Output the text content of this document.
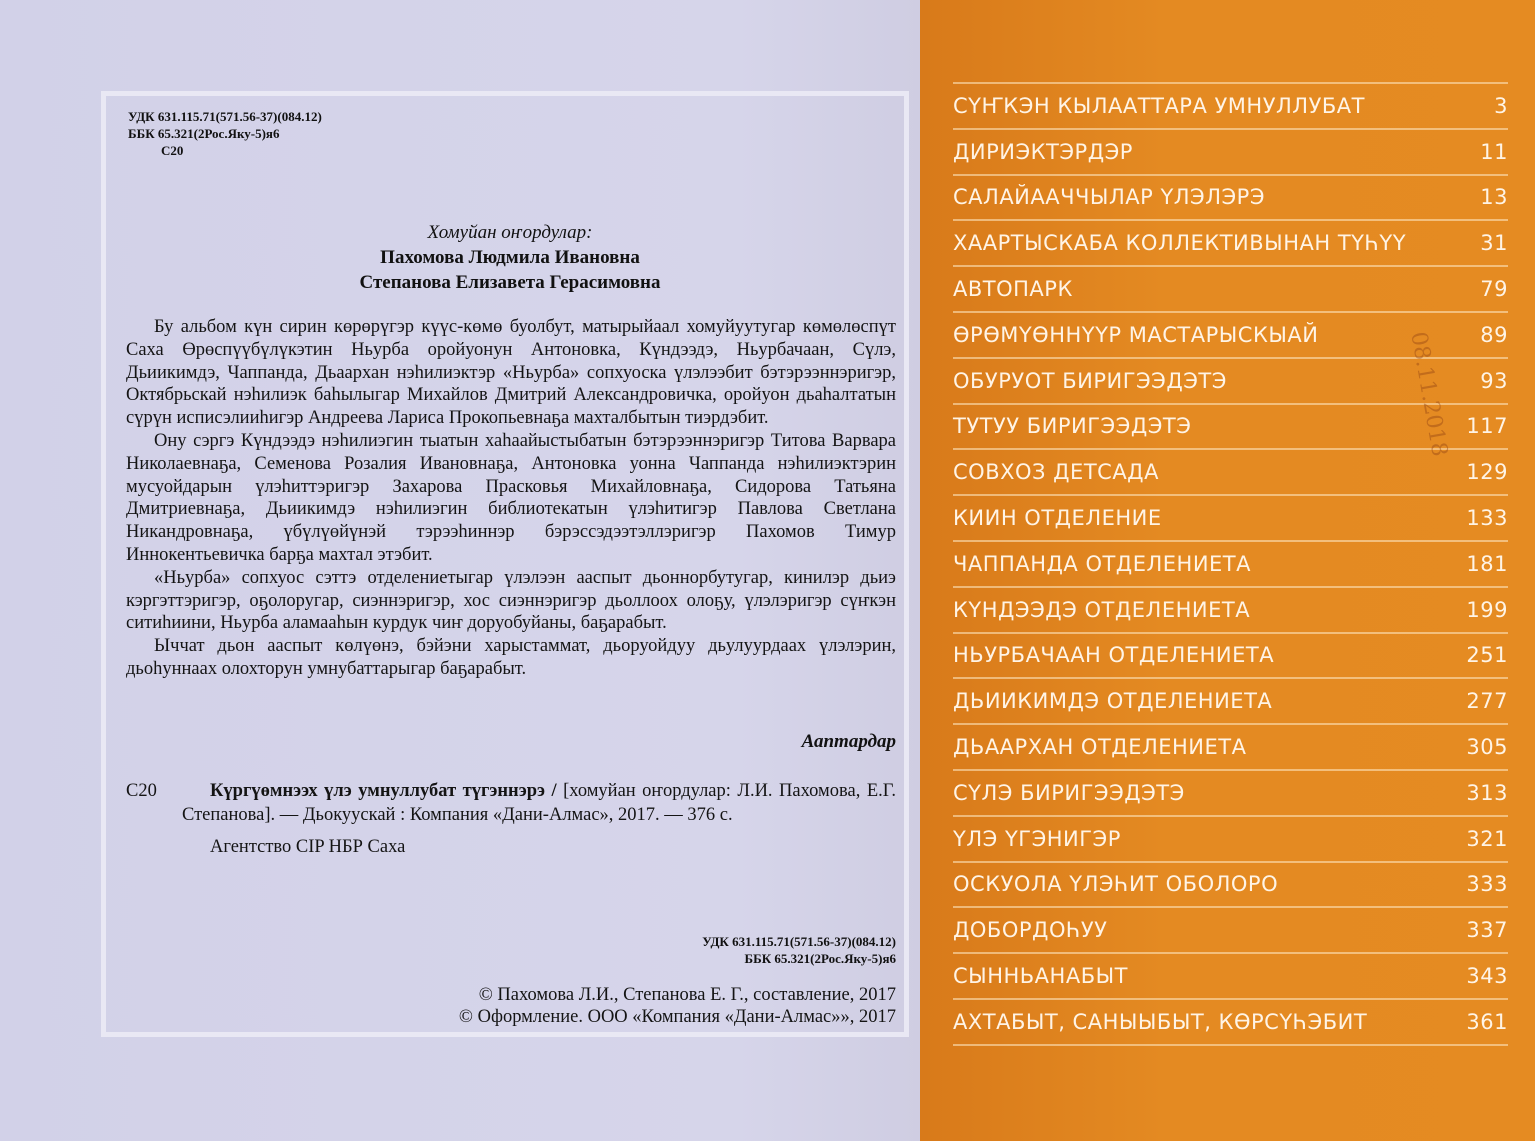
УДК 631.115.71(571.56-37)(084.12)
ББК 65.321(2Рос.Яку-5)я6
С20
Хомуйан оҥордулар:
Пахомова Людмила Ивановна
Степанова Елизавета Герасимовна

Бу альбом күн сирин көрөрүгэр күүс-көмө буолбут, матырыйаал хомуйуутугар көмөлөспүт Саха Өрөспүүбүлүкэтин Ньурба оройуонун Антоновка, Күндээдэ, Ньурбачаан, Сүлэ, Дьиикимдэ, Чаппанда, Дьаархан нэһилиэктэр «Ньурба» сопхуоска үлэлээбит бэтэрээннэригэр, Октябрьскай нэһилиэк баһылыгар Михайлов Дмитрий Александровичка, оройуон дьаһалтатын сүрүн исписэлииһигэр Андреева Лариса Прокопьевнаҕа махталбытын тиэрдэбит.

Ону сэргэ Күндээдэ нэһилиэгин тыатын хаһаайыстыбатын бэтэрээннэригэр Титова Варвара Николаевнаҕа, Семенова Розалия Ивановнаҕа, Антоновка уонна Чаппанда нэһилиэктэрин мусуойдарын үлэһиттэригэр Захарова Прасковья Михайловнаҕа, Сидорова Татьяна Дмитриевнаҕа, Дьиикимдэ нэһилиэгин библиотекатын үлэһитигэр Павлова Светлана Никандровнаҕа, үбүлүөйүнэй тэрээһиннэр бэрэссэдээтэллэригэр Пахомов Тимур Иннокентьевичка барҕа махтал этэбит.

«Ньурба» сопхуос сэттэ отделениетыгар үлэлээн ааспыт дьоннорбутугар, кинилэр дьиэ кэргэттэригэр, оҕолоругар, сиэннэригэр, хос сиэннэригэр дьоллоох олоҕу, үлэлэригэр сүҥкэн ситиһиини, Ньурба аламааһын курдук чиҥ доруобуйаны, баҕарабыт.

Ыччат дьон ааспыт көлүөнэ, бэйэни харыстаммат, дьоруойдуу дьулуурдаах үлэлэрин, дьоһуннаах олохторун умнубаттарыгар баҕарабыт.

Ааптардар
С20	Күргүөмнээх үлэ умнуллубат түгэннэрэ / [хомуйан оҥордулар: Л.И. Пахомова, Е.Г. Степанова]. — Дьокуускай : Компания «Дани-Алмас», 2017. — 376 с.
Агентство СIP НБР Саха
УДК 631.115.71(571.56-37)(084.12)
ББК 65.321(2Рос.Яку-5)я6
© Пахомова Л.И., Степанова Е. Г., составление, 2017
© Оформление. ООО «Компания «Дани-Алмас»», 2017
СҮҤКЭН КЫЛААТТАРА УМНУЛЛУБАТ	3
ДИРИЭКТЭРДЭР	11
САЛАЙААЧЧЫЛАР ҮЛЭЛЭРЭ	13
ХААРТЫСКАБА КОЛЛЕКТИВЫНАН ТҮҺҮҮ	31
АВТОПАРК	79
ӨРӨМҮӨННҮҮР МАСТАРЫСКЫАЙ	89
ОБУРУОТ БИРИГЭЭДЭТЭ	93
ТУТУУ БИРИГЭЭДЭТЭ	117
СОВХОЗ ДЕТСАДА	129
КИИН ОТДЕЛЕНИЕ	133
ЧАППАНДА ОТДЕЛЕНИЕТА	181
КҮНДЭЭДЭ ОТДЕЛЕНИЕТА	199
НЬУРБАЧААН ОТДЕЛЕНИЕТА	251
ДЬИИКИМДЭ ОТДЕЛЕНИЕТА	277
ДЬААРХАН ОТДЕЛЕНИЕТА	305
СҮЛЭ БИРИГЭЭДЭТЭ	313
ҮЛЭ ҮГЭНИГЭР	321
ОСКУОЛА ҮЛЭҺИТ ОБОЛОРО	333
ДОБОРДОҺУУ	337
СЫННЬАНАБЫТ	343
АХТАБЫТ, САНЫЫБЫТ, КӨРСҮҺЭБИТ	361
